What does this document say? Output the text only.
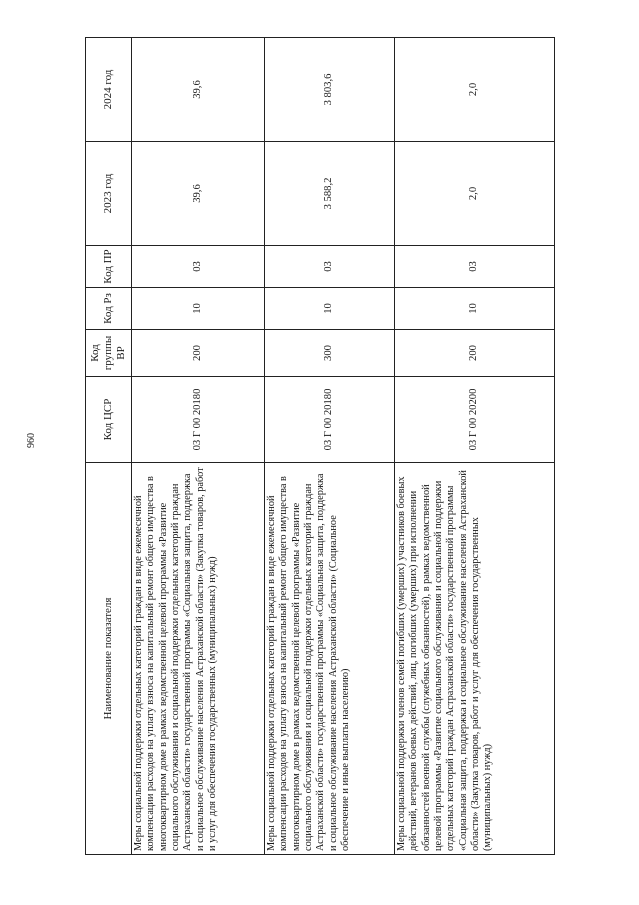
960
Наименование показателя	Код ЦСР	Код группы ВР	Код Рз	Код ПР	2023 год	2024 год
Меры социальной поддержки отдельных категорий граждан в виде ежемесячной компенсации расходов на уплату взноса на капитальный ремонт общего имущества в многоквартирном доме в рамках ведомственной целевой программы «Развитие социального обслуживания и социальной поддержки отдельных категорий граждан Астраханской области» государственной программы «Социальная защита, поддержка и социальное обслуживание населения Астраханской области» (Закупка товаров, работ и услуг для обеспечения государственных (муниципальных) нужд)	03 Г 00 20180	200	10	03	39,6	39,6
Меры социальной поддержки отдельных категорий граждан в виде ежемесячной компенсации расходов на уплату взноса на капитальный ремонт общего имущества в многоквартирном доме в рамках ведомственной целевой программы «Развитие социального обслуживания и социальной поддержки отдельных категорий граждан Астраханской области» государственной программы «Социальная защита, поддержка и социальное обслуживание населения Астраханской области» (Социальное обеспечение и иные выплаты населению)	03 Г 00 20180	300	10	03	3 588,2	3 803,6
Меры социальной поддержки членов семей погибших (умерших) участников боевых действий, ветеранов боевых действий, лиц, погибших (умерших) при исполнении обязанностей военной службы (служебных обязанностей), в рамках ведомственной целевой программы «Развитие социального обслуживания и социальной поддержки отдельных категорий граждан Астраханской области» государственной программы «Социальная защита, поддержка и социальное обслуживание населения Астраханской области» (Закупка товаров, работ и услуг для обеспечения государственных (муниципальных) нужд)	03 Г 00 20200	200	10	03	2,0	2,0
